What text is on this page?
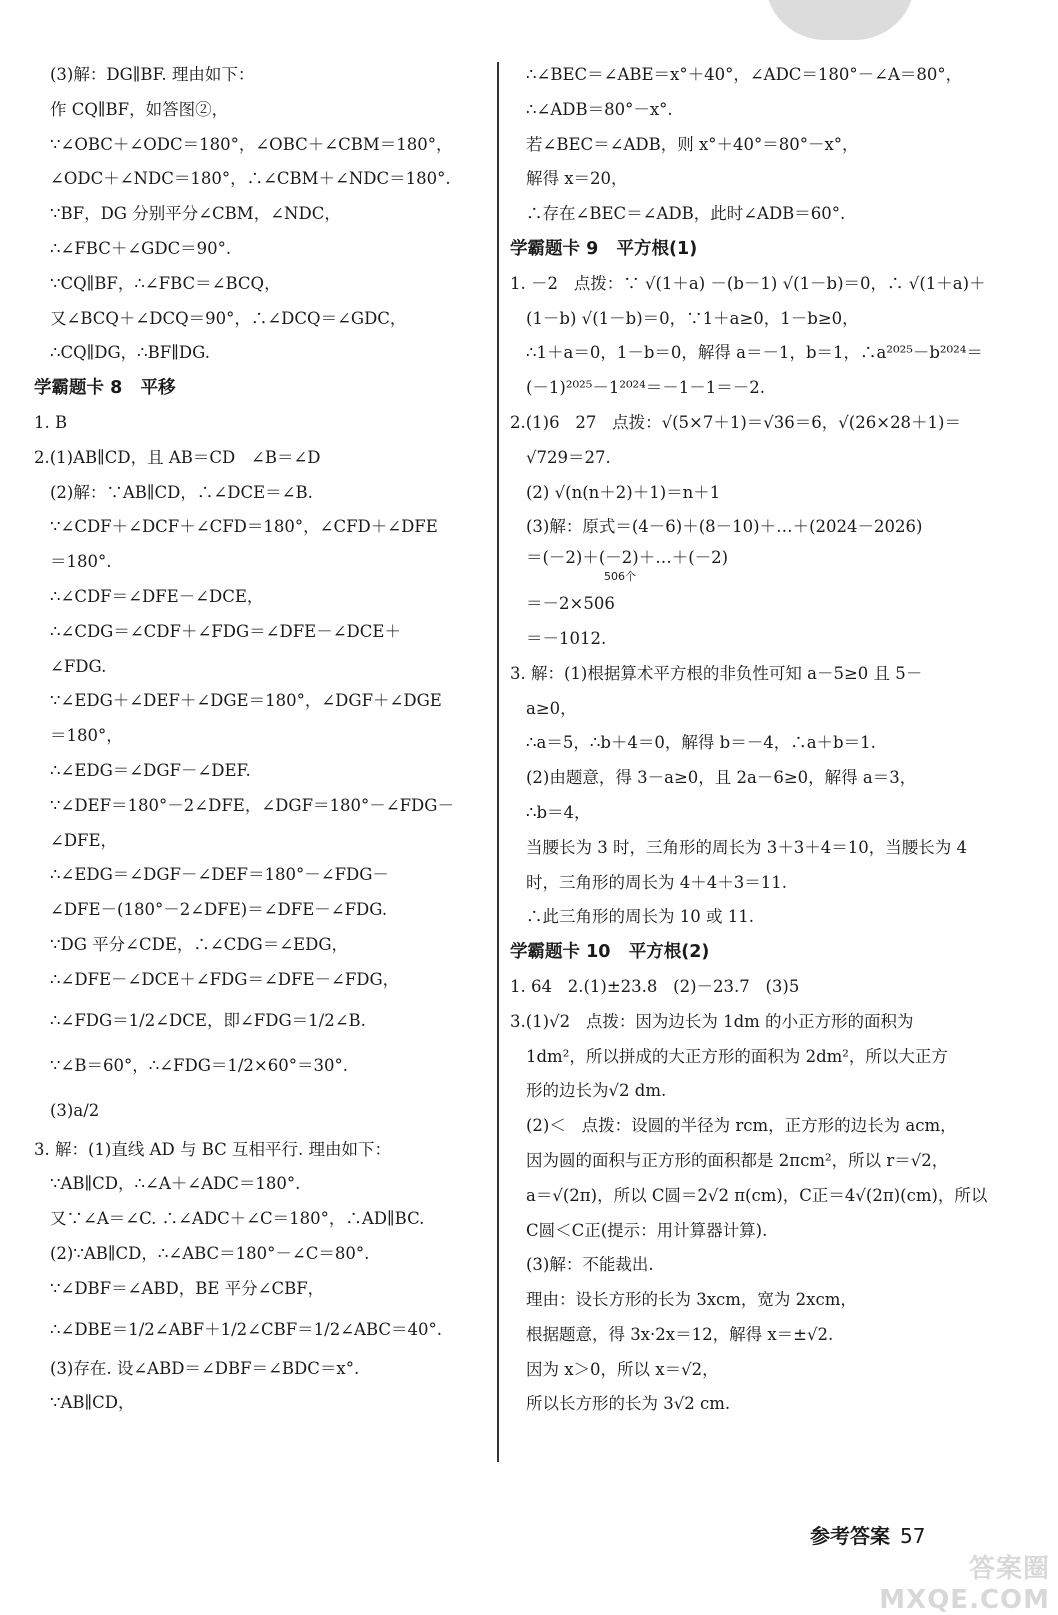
(3)解：DG∥BF. 理由如下：
作 CQ∥BF，如答图②，
∵∠OBC＋∠ODC＝180°，∠OBC＋∠CBM＝180°，
∠ODC＋∠NDC＝180°，∴∠CBM＋∠NDC＝180°.
∵BF，DG 分别平分∠CBM，∠NDC，
∴∠FBC＋∠GDC＝90°.
∵CQ∥BF，∴∠FBC＝∠BCQ，
又∠BCQ＋∠DCQ＝90°，∴∠DCQ＝∠GDC，
∴CQ∥DG，∴BF∥DG.
学霸题卡 8   平移
1. B
2.(1)AB∥CD，且 AB＝CD   ∠B＝∠D
(2)解：∵AB∥CD，∴∠DCE＝∠B.
∵∠CDF＋∠DCF＋∠CFD＝180°，∠CFD＋∠DFE
＝180°.
∴∠CDF＝∠DFE－∠DCE，
∴∠CDG＝∠CDF＋∠FDG＝∠DFE－∠DCE＋
∠FDG.
∵∠EDG＋∠DEF＋∠DGE＝180°，∠DGF＋∠DGE
＝180°，
∴∠EDG＝∠DGF－∠DEF.
∵∠DEF＝180°－2∠DFE，∠DGF＝180°－∠FDG－
∠DFE，
∴∠EDG＝∠DGF－∠DEF＝180°－∠FDG－
∠DFE－(180°－2∠DFE)＝∠DFE－∠FDG.
∵DG 平分∠CDE，∴∠CDG＝∠EDG，
∴∠DFE－∠DCE＋∠FDG＝∠DFE－∠FDG，
∴∠FDG＝1/2∠DCE，即∠FDG＝1/2∠B.
∵∠B＝60°，∴∠FDG＝1/2×60°＝30°.
(3)a/2
3. 解：(1)直线 AD 与 BC 互相平行. 理由如下：
∵AB∥CD，∴∠A＋∠ADC＝180°.
又∵∠A＝∠C. ∴∠ADC＋∠C＝180°，∴AD∥BC.
(2)∵AB∥CD，∴∠ABC＝180°－∠C＝80°.
∵∠DBF＝∠ABD，BE 平分∠CBF，
∴∠DBE＝1/2∠ABF＋1/2∠CBF＝1/2∠ABC＝40°.
(3)存在. 设∠ABD＝∠DBF＝∠BDC＝x°.
∵AB∥CD，
∴∠BEC＝∠ABE＝x°＋40°，∠ADC＝180°－∠A＝80°，
∴∠ADB＝80°－x°.
若∠BEC＝∠ADB，则 x°＋40°＝80°－x°，
解得 x＝20，
∴存在∠BEC＝∠ADB，此时∠ADB＝60°.
学霸题卡 9   平方根(1)
1. －2   点拨：∵ √(1＋a) －(b－1) √(1－b)＝0，∴ √(1＋a)＋
(1－b) √(1－b)＝0，∵1＋a≥0，1－b≥0，
∴1＋a＝0，1－b＝0，解得 a＝－1，b＝1，∴a²⁰²⁵－b²⁰²⁴＝
(－1)²⁰²⁵－1²⁰²⁴＝－1－1＝－2.
2.(1)6   27   点拨：√(5×7＋1)＝√36＝6，√(26×28＋1)＝
√729＝27.
(2) √(n(n＋2)＋1)＝n＋1
(3)解：原式＝(4－6)＋(8－10)＋…＋(2024－2026)
＝(－2)＋(－2)＋…＋(－2)
506个
＝－2×506
＝－1012.
3. 解：(1)根据算术平方根的非负性可知 a－5≥0 且 5－
a≥0，
∴a＝5，∴b＋4＝0，解得 b＝－4，∴a＋b＝1.
(2)由题意，得 3－a≥0，且 2a－6≥0，解得 a＝3，
∴b＝4，
当腰长为 3 时，三角形的周长为 3＋3＋4＝10，当腰长为 4
时，三角形的周长为 4＋4＋3＝11.
∴此三角形的周长为 10 或 11.
学霸题卡 10   平方根(2)
1. 64   2.(1)±23.8   (2)－23.7   (3)5
3.(1)√2   点拨：因为边长为 1dm 的小正方形的面积为
1dm²，所以拼成的大正方形的面积为 2dm²，所以大正方
形的边长为√2 dm.
(2)＜   点拨：设圆的半径为 rcm，正方形的边长为 acm，
因为圆的面积与正方形的面积都是 2πcm²，所以 r＝√2，
a＝√(2π)，所以 C圆＝2√2 π(cm)，C正＝4√(2π)(cm)，所以
C圆＜C正(提示：用计算器计算).
(3)解：不能裁出.
理由：设长方形的长为 3xcm，宽为 2xcm，
根据题意，得 3x·2x＝12，解得 x＝±√2.
因为 x＞0，所以 x＝√2，
所以长方形的长为 3√2 cm.
参考答案 57
答案圈 MXQE.COM
